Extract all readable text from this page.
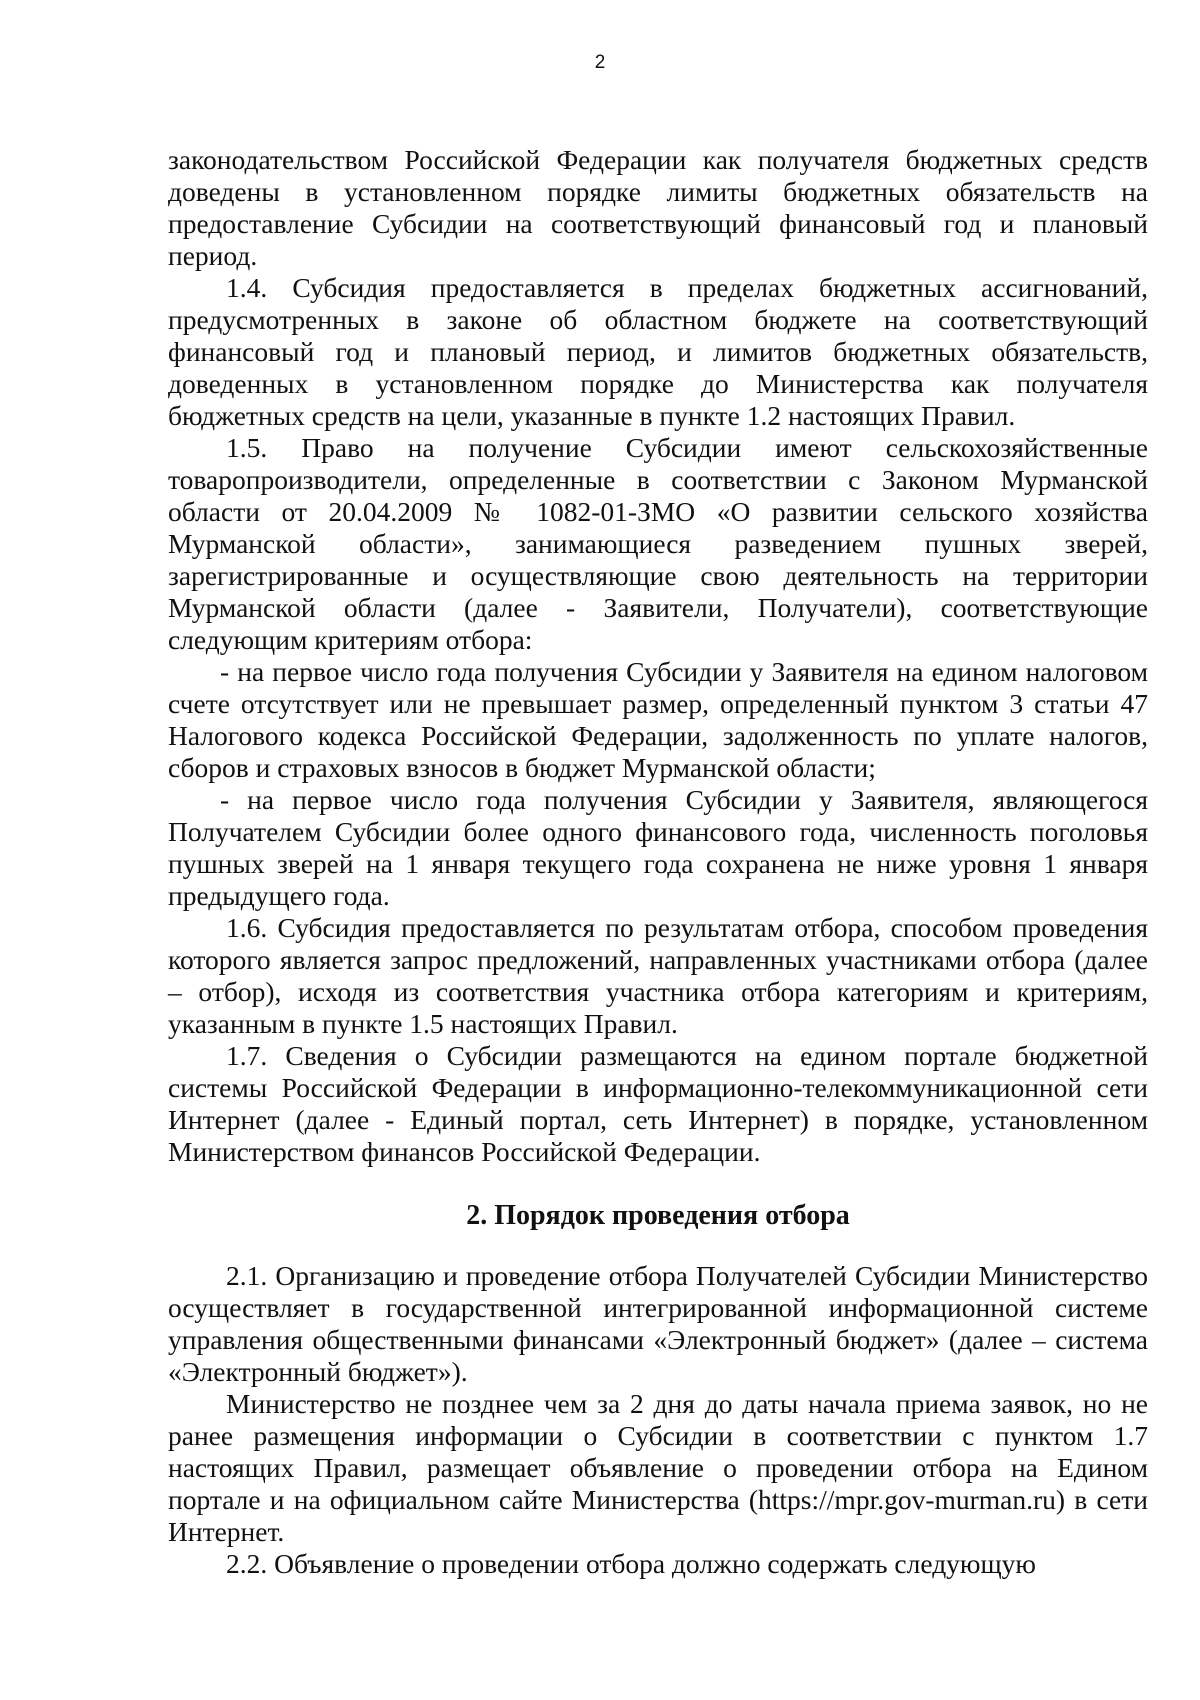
2

законодательством Российской Федерации как получателя бюджетных средств доведены в установленном порядке лимиты бюджетных обязательств на предоставление Субсидии на соответствующий финансовый год и плановый период.

1.4. Субсидия предоставляется в пределах бюджетных ассигнований, предусмотренных в законе об областном бюджете на соответствующий финансовый год и плановый период, и лимитов бюджетных обязательств, доведенных в установленном порядке до Министерства как получателя бюджетных средств на цели, указанные в пункте 1.2 настоящих Правил.

1.5. Право на получение Субсидии имеют сельскохозяйственные товаропроизводители, определенные в соответствии с Законом Мурманской области от 20.04.2009 № 1082-01-ЗМО «О развитии сельского хозяйства Мурманской области», занимающиеся разведением пушных зверей, зарегистрированные и осуществляющие свою деятельность на территории Мурманской области (далее - Заявители, Получатели), соответствующие следующим критериям отбора:

- на первое число года получения Субсидии у Заявителя на едином налоговом счете отсутствует или не превышает размер, определенный пунктом 3 статьи 47 Налогового кодекса Российской Федерации, задолженность по уплате налогов, сборов и страховых взносов в бюджет Мурманской области;

- на первое число года получения Субсидии у Заявителя, являющегося Получателем Субсидии более одного финансового года, численность поголовья пушных зверей на 1 января текущего года сохранена не ниже уровня 1 января предыдущего года.

1.6. Субсидия предоставляется по результатам отбора, способом проведения которого является запрос предложений, направленных участниками отбора (далее – отбор), исходя из соответствия участника отбора категориям и критериям, указанным в пункте 1.5 настоящих Правил.

1.7. Сведения о Субсидии размещаются на едином портале бюджетной системы Российской Федерации в информационно-телекоммуникационной сети Интернет (далее - Единый портал, сеть Интернет) в порядке, установленном Министерством финансов Российской Федерации.

2. Порядок проведения отбора

2.1. Организацию и проведение отбора Получателей Субсидии Министерство осуществляет в государственной интегрированной информационной системе управления общественными финансами «Электронный бюджет» (далее – система «Электронный бюджет»).

Министерство не позднее чем за 2 дня до даты начала приема заявок, но не ранее размещения информации о Субсидии в соответствии с пунктом 1.7 настоящих Правил, размещает объявление о проведении отбора на Едином портале и на официальном сайте Министерства (https://mpr.gov-murman.ru) в сети Интернет.

2.2. Объявление о проведении отбора должно содержать следующую
